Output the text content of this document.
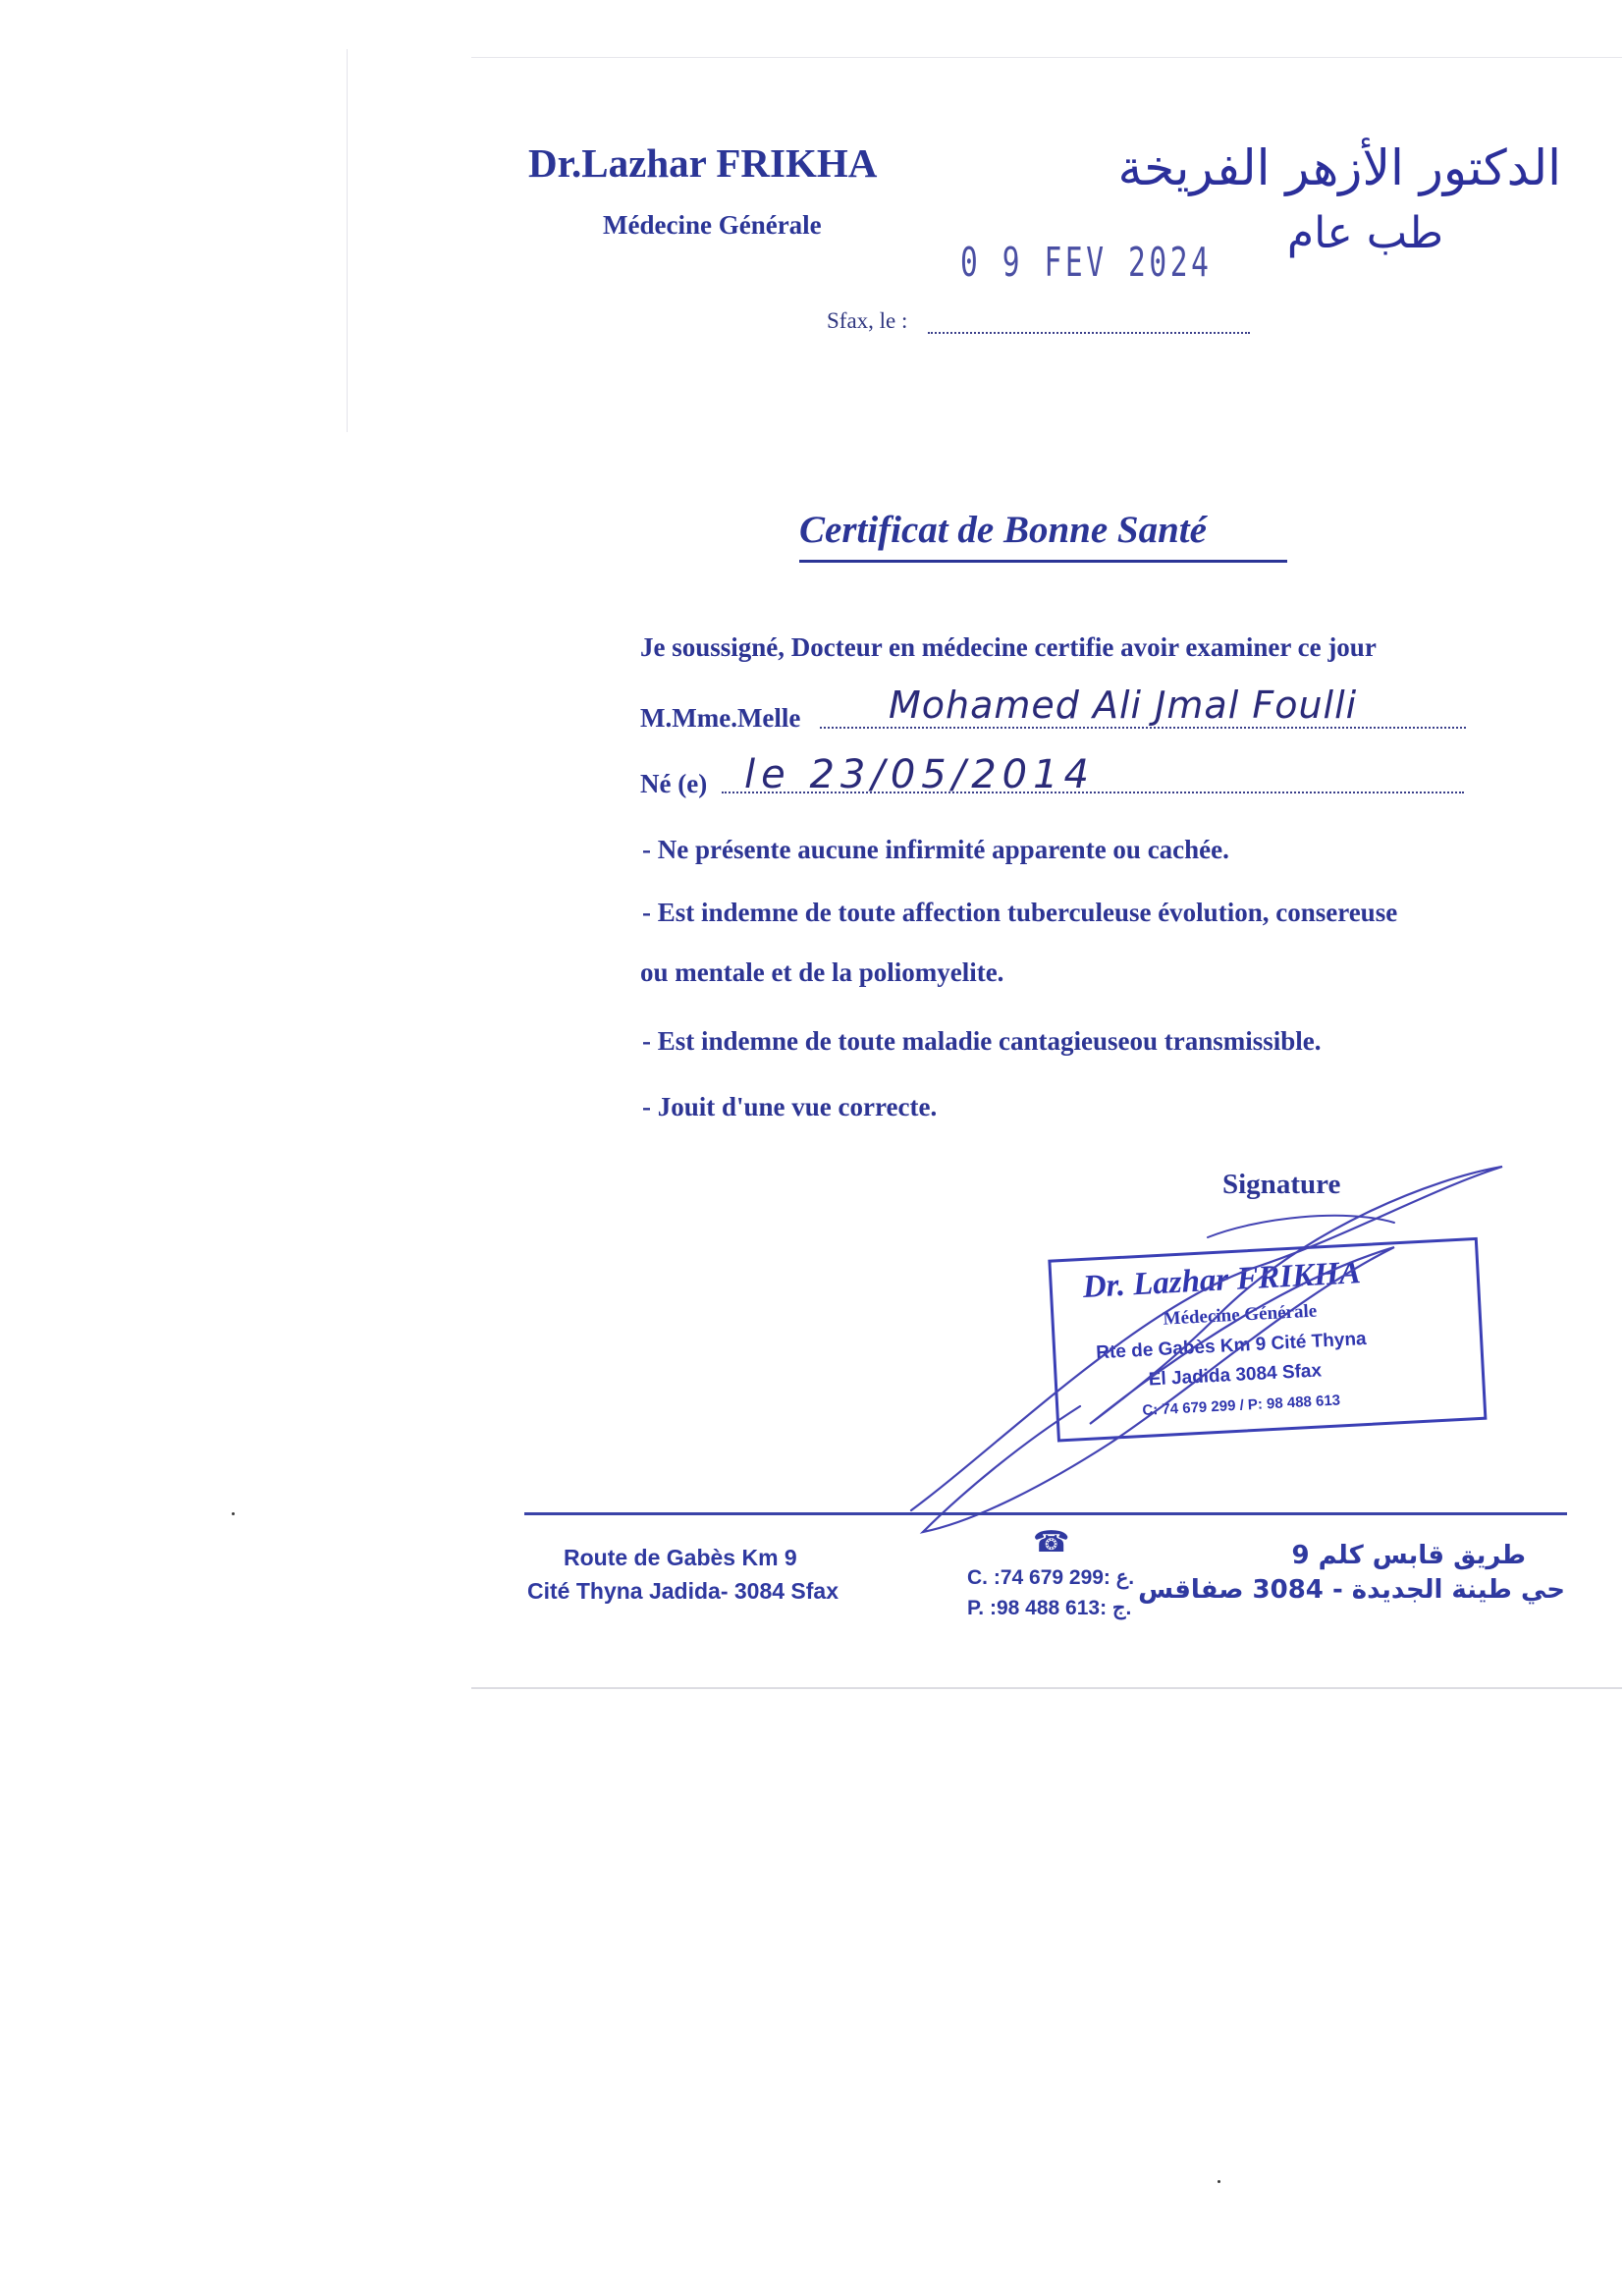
Dr.Lazhar FRIKHA
Médecine Générale
الدكتور الأزهر الفريخة
طب عام
0 9 FEV 2024
Sfax, le :
Certificat de Bonne Santé
Je soussigné, Docteur en médecine certifie avoir examiner ce jour
M.Mme.Melle Mohamed Ali Jmal Foulli
Né (e) le 23/05/2014
- Ne présente aucune infirmité apparente ou cachée.
- Est indemne de toute affection tuberculeuse évolution, consereuse
ou mentale et de la poliomyelite.
- Est indemne de toute maladie cantagieuseou transmissible.
- Jouit d'une vue correcte.
Signature
Dr. Lazhar FRIKHA
Médecine Générale
Rte de Gabès Km 9 Cité Thyna
El Jadida 3084 Sfax
C: 74 679 299 / P: 98 488 613
Route de Gabès Km 9
Cité Thyna Jadida- 3084 Sfax
☎
C. :74 679 299: ع.
P. :98 488 613: ج.
طريق قابس كلم 9
حي طينة الجديدة - 3084 صفاقس
